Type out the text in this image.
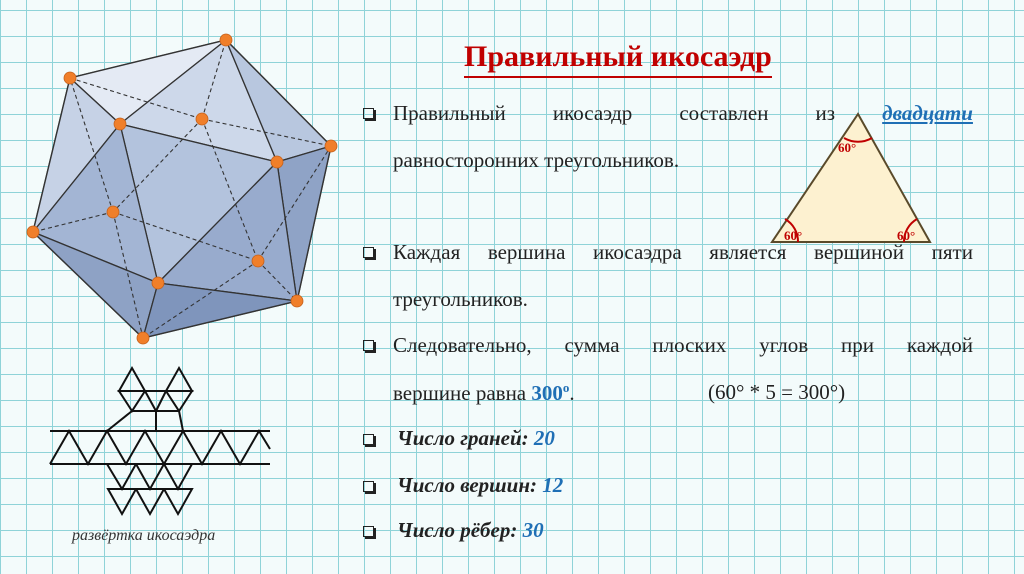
Правильный икосаэдр
развёртка икосаэдра
60°
60°	60°
Правильный икосаэдр составлен из двадцати
равносторонних треугольников.
Каждая вершина икосаэдра является вершиной пяти
треугольников.
Следовательно, сумма плоских углов при каждой
вершине равна $300^о$.	(60° * 5 = 300°)
Число граней: 20
Число вершин: 12
Число рёбер: 30
